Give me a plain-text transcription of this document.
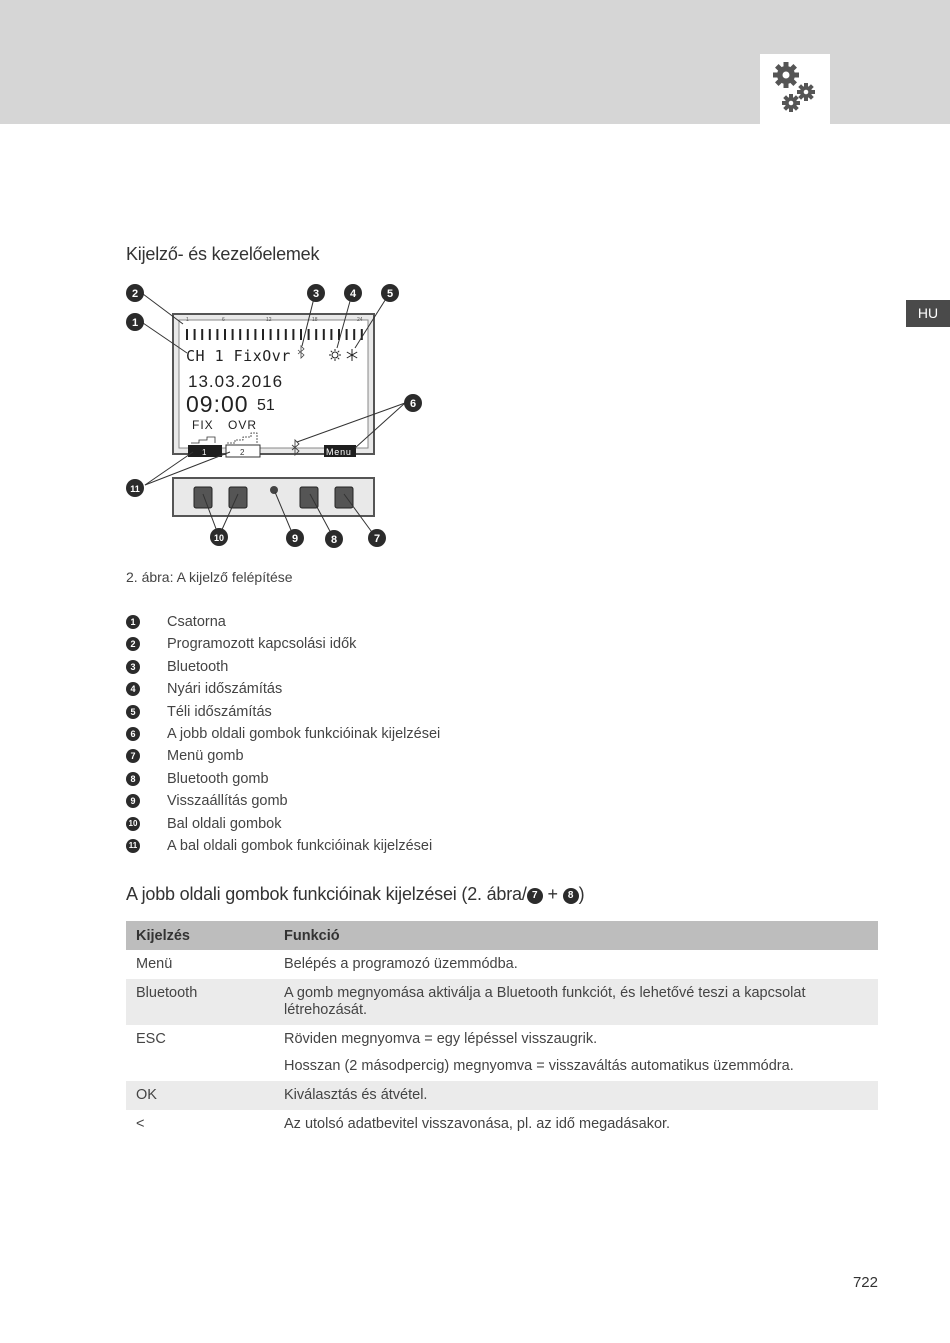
HU
Kijelző- és kezelőelemek
1	6	12	18	24
CH 1 FixOvr
13.03.2016
09:00 51
FIX OVR
1	2	Menu
2
1
3	4	5
6
11
10	9	8	7
2. ábra: A kijelző felépítése
1	Csatorna
2	Programozott kapcsolási idők
3	Bluetooth
4	Nyári időszámítás
5	Téli időszámítás
6	A jobb oldali gombok funkcióinak kijelzései
7	Menü gomb
8	Bluetooth gomb
9	Visszaállítás gomb
10 Bal oldali gombok
11 A bal oldali gombok funkcióinak kijelzései
A jobb oldali gombok funkcióinak kijelzései (2. ábra/ 7 + 8 )
Kijelzés	Funkció
Menü	Belépés a programozó üzemmódba.
Bluetooth	A gomb megnyomása aktiválja a Bluetooth funkciót, és lehetővé teszi a kapcsolat létrehozását.
ESC	Röviden megnyomva = egy lépéssel visszaugrik.
Hosszan (2 másodpercig) megnyomva = visszaváltás automatikus üzemmódra.

OK	Kiválasztás és átvétel.
<	Az utolsó adatbevitel visszavonása, pl. az idő megadásakor.
722
